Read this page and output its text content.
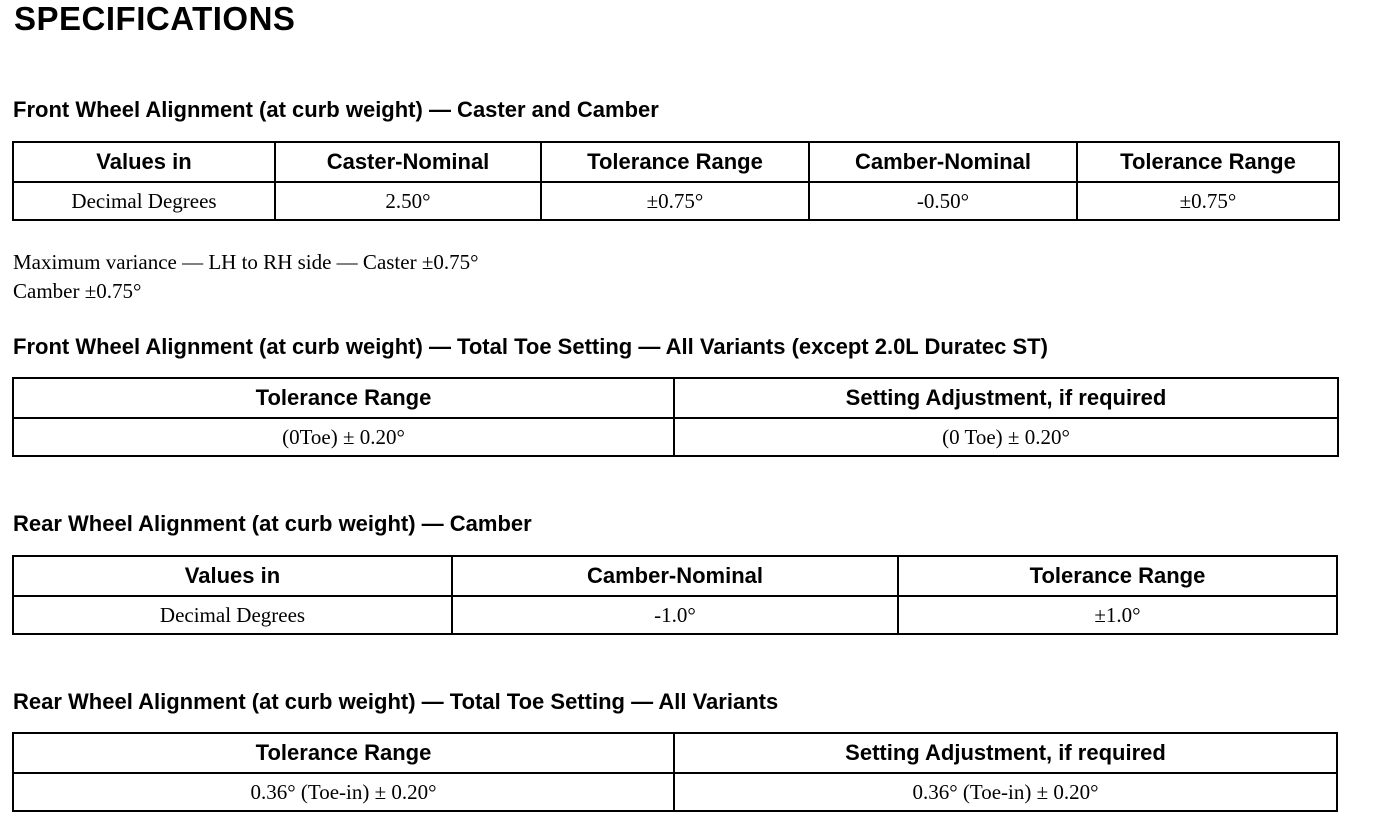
SPECIFICATIONS
Front Wheel Alignment (at curb weight) — Caster and Camber
Values in	Caster-Nominal	Tolerance Range	Camber-Nominal	Tolerance Range
Decimal Degrees	2.50°	±0.75°	-0.50°	±0.75°
Maximum variance — LH to RH side — Caster ±0.75°
Camber ±0.75°
Front Wheel Alignment (at curb weight) — Total Toe Setting — All Variants (except 2.0L Duratec ST)
Tolerance Range	Setting Adjustment, if required
(0Toe) ± 0.20°	(0 Toe) ± 0.20°
Rear Wheel Alignment (at curb weight) — Camber
Values in	Camber-Nominal	Tolerance Range
Decimal Degrees	-1.0°	±1.0°
Rear Wheel Alignment (at curb weight) — Total Toe Setting — All Variants
Tolerance Range	Setting Adjustment, if required
0.36° (Toe-in) ± 0.20°	0.36° (Toe-in) ± 0.20°
